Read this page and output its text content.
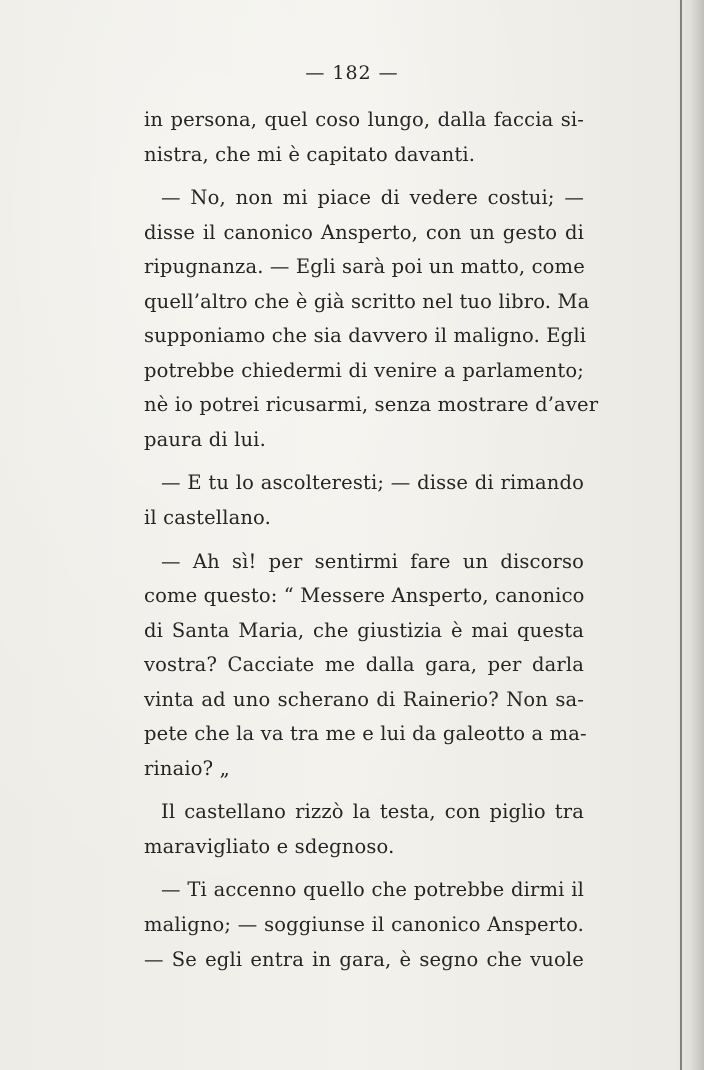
— 182 —
in persona, quel coso lungo, dalla faccia si-
nistra, che mi è capitato davanti.
— No, non mi piace di vedere costui; —
disse il canonico Ansperto, con un gesto di
ripugnanza. — Egli sarà poi un matto, come
quell’altro che è già scritto nel tuo libro. Ma
supponiamo che sia davvero il maligno. Egli
potrebbe chiedermi di venire a parlamento;
nè io potrei ricusarmi, senza mostrare d’aver
paura di lui.
— E tu lo ascolteresti; — disse di rimando
il castellano.
— Ah sì! per sentirmi fare un discorso
come questo: “ Messere Ansperto, canonico
di Santa Maria, che giustizia è mai questa
vostra? Cacciate me dalla gara, per darla
vinta ad uno scherano di Rainerio? Non sa-
pete che la va tra me e lui da galeotto a ma-
rinaio? „
Il castellano rizzò la testa, con piglio tra
maravigliato e sdegnoso.
— Ti accenno quello che potrebbe dirmi il
maligno; — soggiunse il canonico Ansperto.
— Se egli entra in gara, è segno che vuole
